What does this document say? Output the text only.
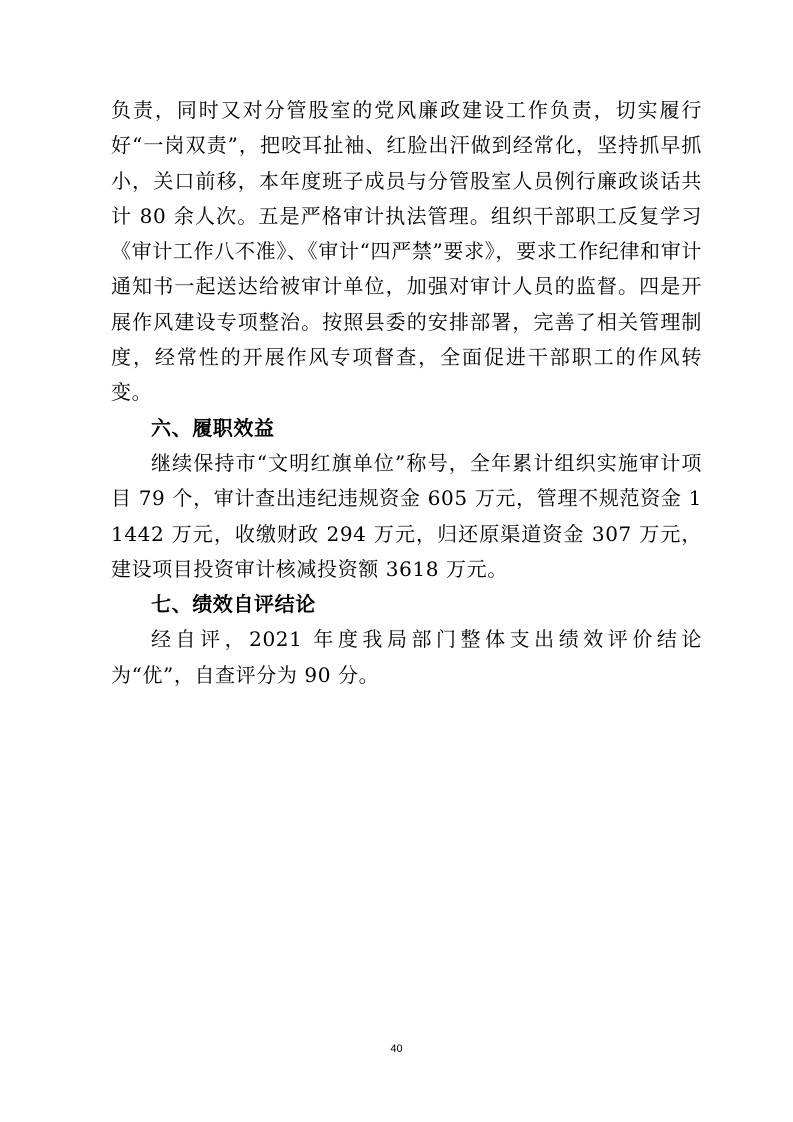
负责，同时又对分管股室的党风廉政建设工作负责，切实履行好“一岗双责”，把咬耳扯袖、红脸出汗做到经常化，坚持抓早抓小，关口前移，本年度班子成员与分管股室人员例行廉政谈话共计 80 余人次。五是严格审计执法管理。组织干部职工反复学习《审计工作八不准》、《审计“四严禁”要求》，要求工作纪律和审计通知书一起送达给被审计单位，加强对审计人员的监督。四是开展作风建设专项整治。按照县委的安排部署，完善了相关管理制度，经常性的开展作风专项督查，全面促进干部职工的作风转变。

六、履职效益

继续保持市“文明红旗单位”称号，全年累计组织实施审计项目 79 个，审计查出违纪违规资金 605 万元，管理不规范资金 11442 万元，收缴财政 294 万元，归还原渠道资金 307 万元，建设项目投资审计核减投资额 3618 万元。

七、绩效自评结论

经自评，2021 年度我局部门整体支出绩效评价结论为“优”，自查评分为 90 分。

40
